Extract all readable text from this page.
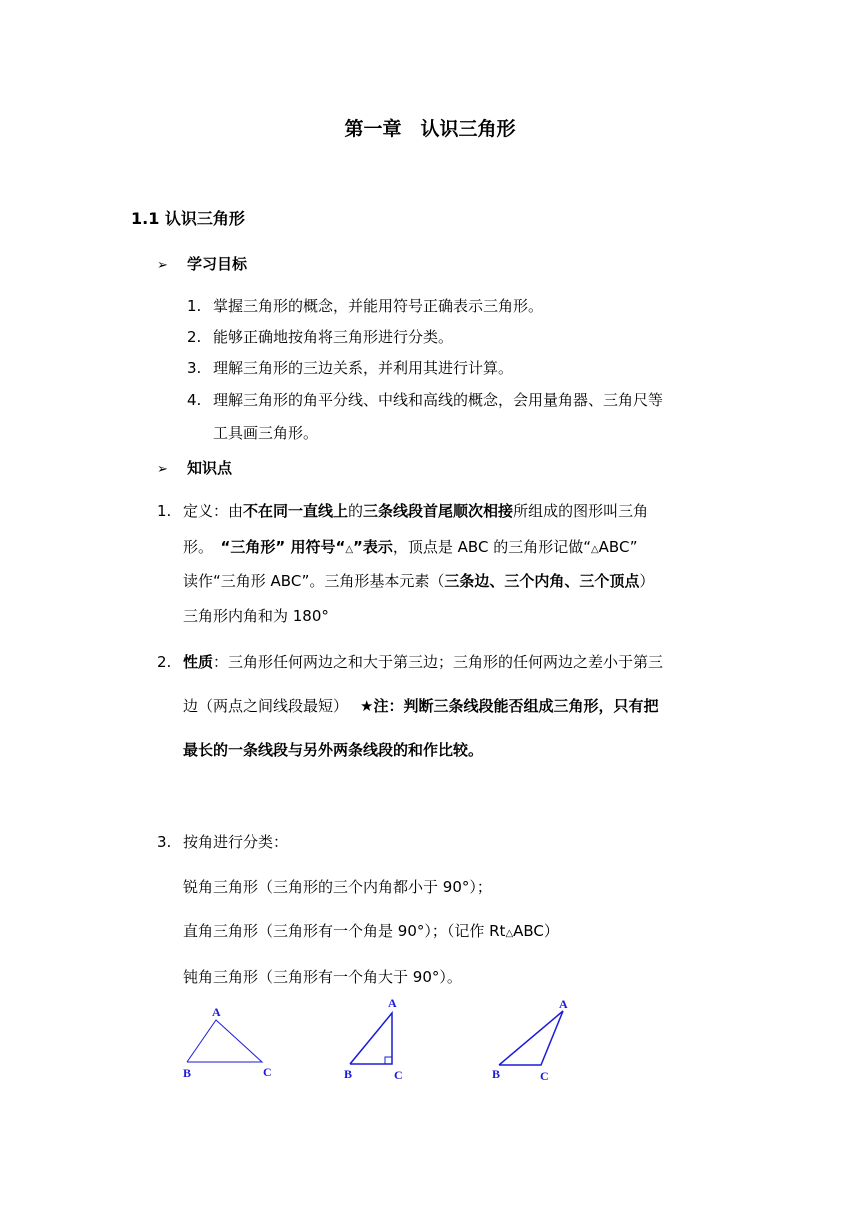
第一章　认识三角形
1.1 认识三角形
➢ 学习目标
1. 掌握三角形的概念，并能用符号正确表示三角形。
2. 能够正确地按角将三角形进行分类。
3. 理解三角形的三边关系，并利用其进行计算。
4. 理解三角形的角平分线、中线和高线的概念，会用量角器、三角尺等
工具画三角形。
➢ 知识点
1. 定义：由不在同一直线上的三条线段首尾顺次相接所组成的图形叫三角
形。　“三角形” 用符号“△”表示，顶点是 ABC 的三角形记做“△ABC”
读作“三角形 ABC”。三角形基本元素（三条边、三个内角、三个顶点）
三角形内角和为 180°
2. 性质：三角形任何两边之和大于第三边；三角形的任何两边之差小于第三
边（两点之间线段最短） ★注：判断三条线段能否组成三角形，只有把
最长的一条线段与另外两条线段的和作比较。
3. 按角进行分类：
锐角三角形（三角形的三个内角都小于 90°）；
直角三角形（三角形有一个角是 90°）；（记作 Rt△ABC）
钝角三角形（三角形有一个角大于 90°）。
A
B	C
A
B	C
A
B	C
